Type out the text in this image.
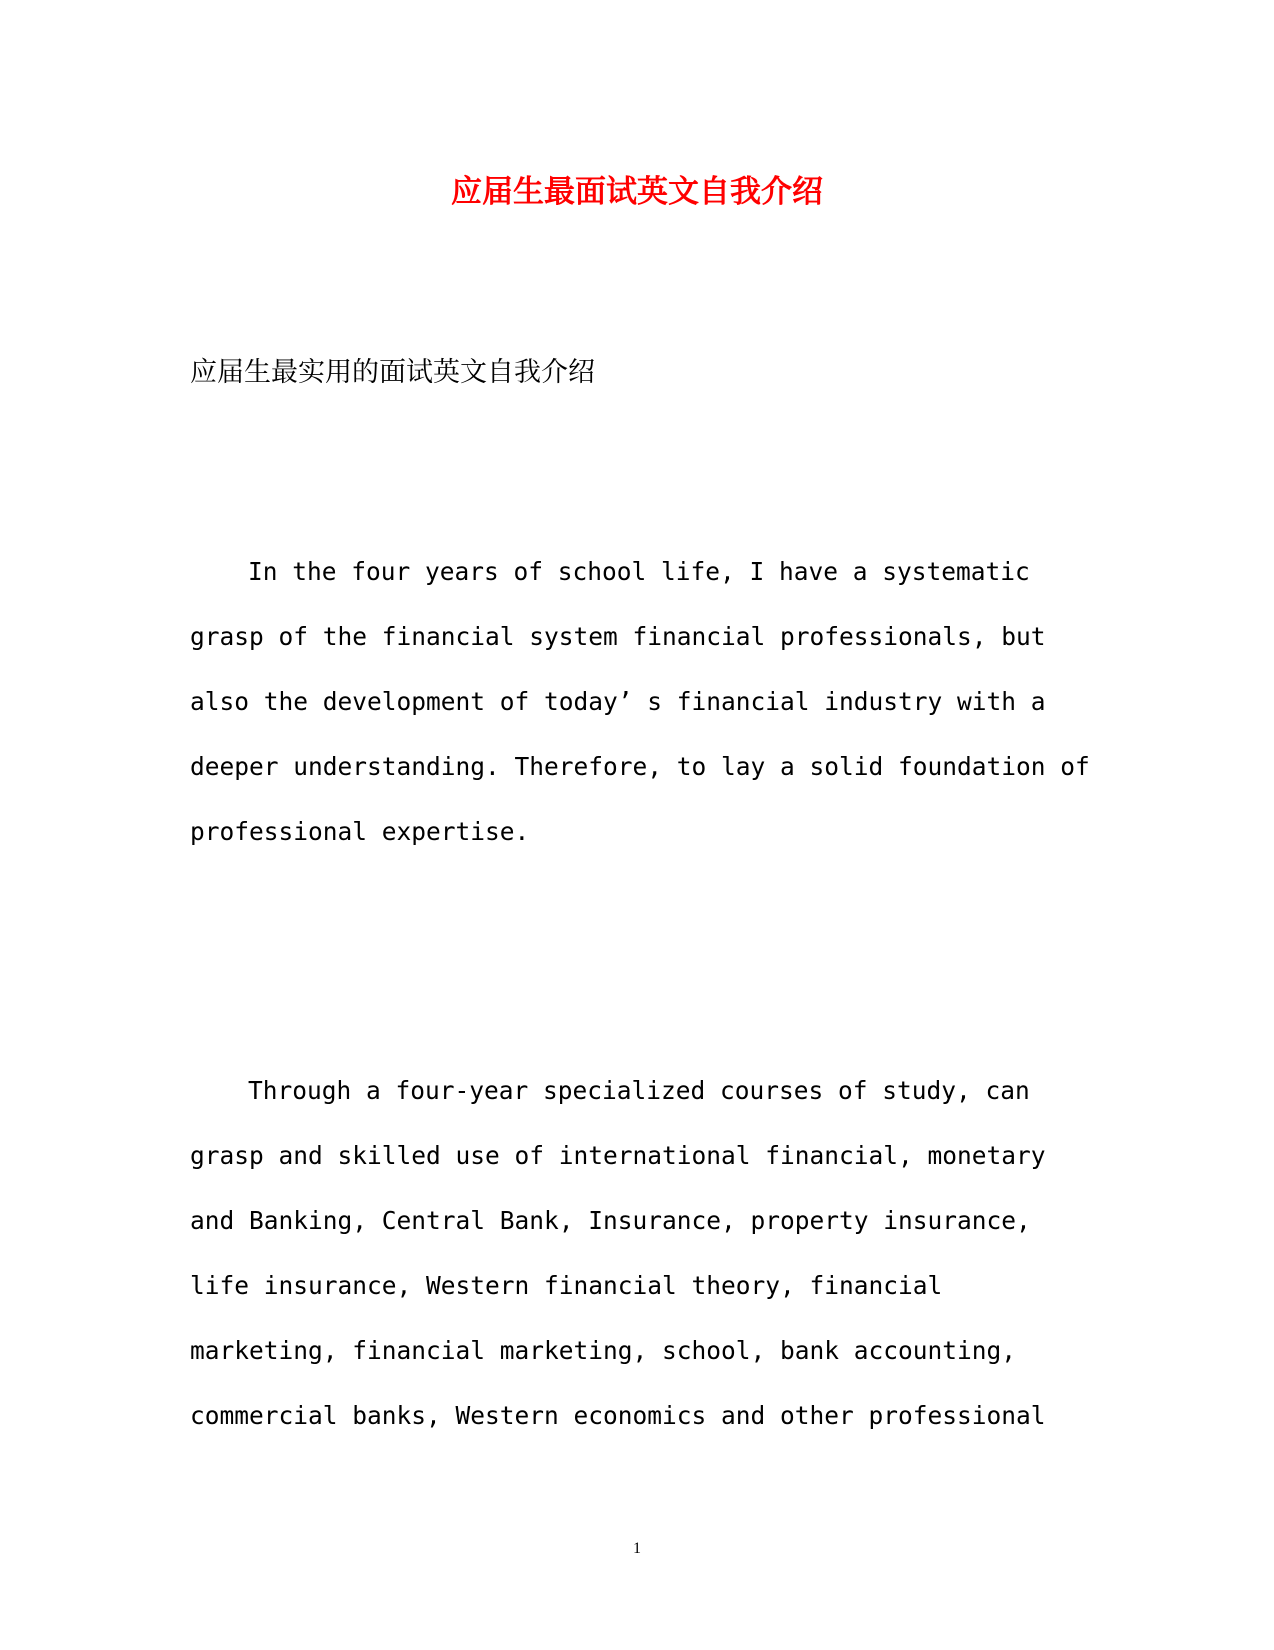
应届生最面试英文自我介绍

应届生最实用的面试英文自我介绍

In the four years of school life, I have a systematic
grasp of the financial system financial professionals, but
also the development of today’ s financial industry with a
deeper understanding. Therefore, to lay a solid foundation of
professional expertise.
Through a four-year specialized courses of study, can
grasp and skilled use of international financial, monetary
and Banking, Central Bank, Insurance, property insurance,
life insurance, Western financial theory, financial
marketing, financial marketing, school, bank accounting,
commercial banks, Western economics and other professional

1
